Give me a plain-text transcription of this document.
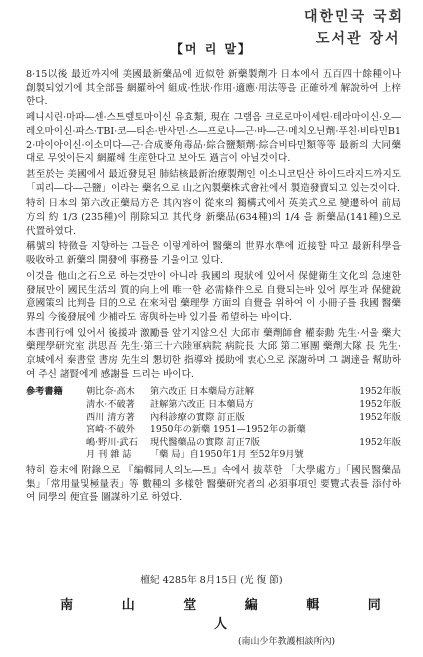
대한민국 국회
도서관 장서
【머 리 말】

8·15以後 最近까지에 美國最新藥品에 近似한 新藥製劑가 日本에서 五百四十餘種이나 創製되었기에 其全部를 網羅하여 組成·性狀·作用·適應·用法等을 正確하게 解說하여 上梓한다.

페니시린·마파―센·스트렢토마이신 유효類, 現在 그램음 크로로마이세틴·테라마이신·오―레오마이신·파스·TBI·코―티손·반사민·스―프로나―근·바―근·메치오닌劑·푸친·비타민B12·마이아이신·이소미다―근·合成麥角毒品·綜合鹽類劑·綜合비타민類等等 最新의 大同藥대로 무엇이든지 網羅해 生産한다고 보아도 過言이 아닐것이다.

甚至於는 美國에서 最近發見된 肺結核最新治療製劑인 이소니코틴산 하이드라지드까지도 「피리―다―근鹽」이라는 藥名으로 山之內製藥株式會社에서 製造發賣되고 있는것이다.

特히 日本의 第六改正藥局方은 其內容이 從來의 獨構式에서 英美式으로 變遷하여 前局方의 約 1/3 (235種)이 削除되고 其代身 新藥品(634種)의 1/4 을 新藥品(141種)으로 代置하였다.

稱號의 特徵을 지향하는 그들은 이렇게하여 醫藥의 世界水準에 近接할 따고 最新科學을 吸收하고 新藥의 開發에 事務를 기울이고 있다.

이것을 他山之石으로 하는것만이 아니라 我國의 現狀에 있어서 保健衛生文化의 急速한 發展만이 國民生活의 質的向上에 唯一한 必需條件으로 自覺되는바 있어 厚生과 保健銳意國策의 比判을 目的으로 在來처럼 藥理學 方面의 自覺을 위하여 이 小冊子를 我國 醫藥界의 今後發展에 少補라도 寄與하는바 있기를 希望하는 바이다.

本書刊行에 있어서 後援과 激勵를 앞기지않으신 大邱市 藥劑師會 權泰勳 先生·서울 藥大藥理學研究室 洪思吾 先生·第三十六陸軍病院 病院長 大邱 第二軍團 藥劑大隊 長 先生·京城에서 秦書堂 書房 先生의 懇切한 指導와 援助에 衷心으로 深謝하며 그 調達을 幫助하여 주신 諸賢에게 感謝를 드리는 바이다.

參考書籍	朝比奈·高木	第六改正 日本藥局方註解	1952年版
淸水·不破著	註解第六改正 日本藥局方	1952年版
西川 清方著	內科診療の實際 訂正版	1952年版
宮崎·不破外	1950年の新藥 1951—1952年の新藥
嶋·野川·武石	現代醫藥品の實際 訂正7版	1952年版
月 刊 雜 誌	「藥 局」自1950年1月 至52年9月號

特히 卷末에 附錄으로 『編輯同人의노―트』속에서 拔萃한 「大學處方」「國民醫藥品集」「常用量및極量表」等 數種의 多樣한 醫藥研究者의 必須事項인 要覽式表를 添付하여 同學의 便宜를 圖謀하기로 하였다.

檀紀 4285年 8月15日 (光 復 節)
南 山 堂 編 輯 同 人
(南山少年教護相談所內)
